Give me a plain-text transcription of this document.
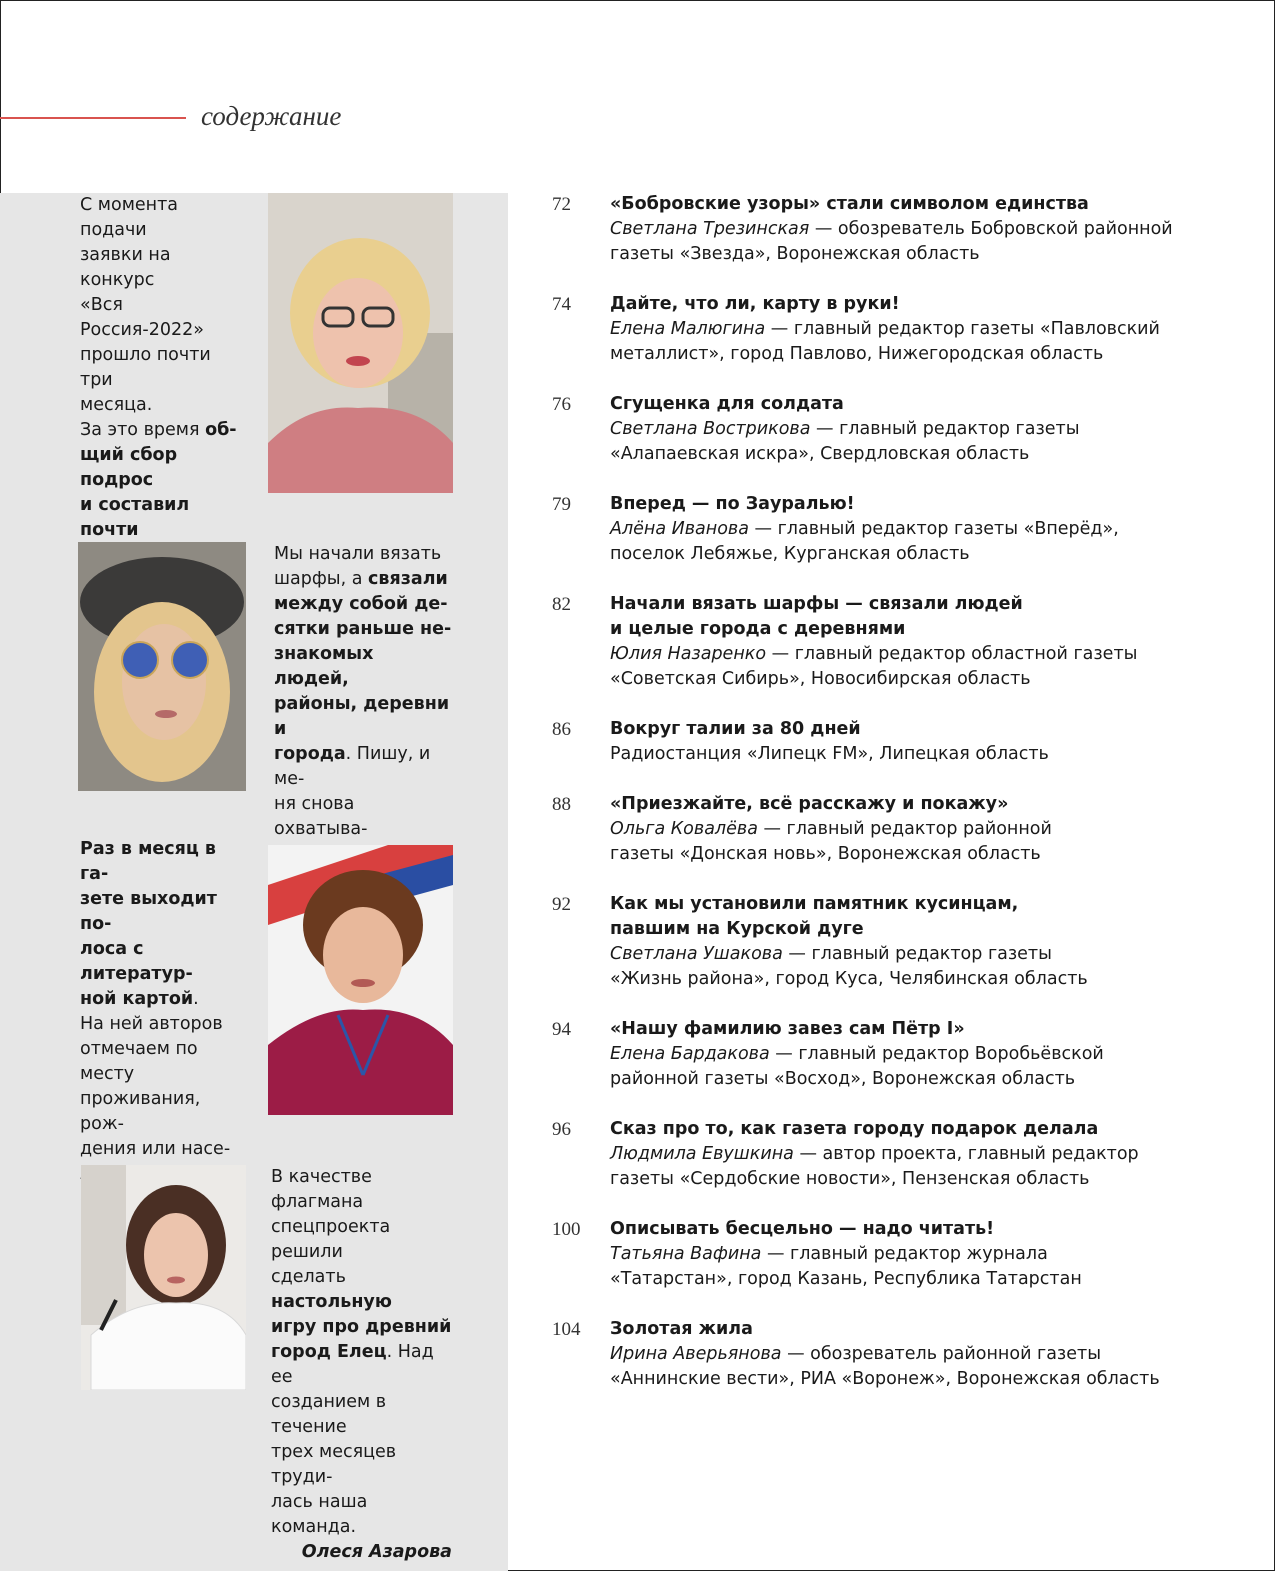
содержание
С момента подачи
заявки на конкурс
«Вся Россия-2022»
прошло почти три
месяца.
За это время об-
щий сбор подрос
и составил почти
Мы начали вязать
шарфы, а связали
между собой де-
сятки раньше не-
знакомых людей,
районы, деревни и
города. Пишу, и ме-
ня снова охватыва-
Раз в месяц в га-
зете выходит по-
лоса с литератур-
ной картой.
На ней авторов
отмечаем по месту
проживания, рож-
дения или насе-
В качестве флагмана
спецпроекта решили
сделать настольную
игру про древний
город Елец. Над ее
созданием в течение
трех месяцев труди-
лась наша команда.
Олеся Азарова
72 «Бобровские узоры» стали символом единства
Светлана Трезинская — обозреватель Бобровской районной
газеты «Звезда», Воронежская область
74 Дайте, что ли, карту в руки!
Елена Малюгина — главный редактор газеты «Павловский
металлист», город Павлово, Нижегородская область
76 Сгущенка для солдата
Светлана Вострикова — главный редактор газеты
«Алапаевская искра», Свердловская область
79 Вперед — по Зауралью!
Алёна Иванова — главный редактор газеты «Вперёд»,
поселок Лебяжье, Курганская область
82 Начали вязать шарфы — связали людей
и целые города с деревнями
Юлия Назаренко — главный редактор областной газеты
«Советская Сибирь», Новосибирская область
86 Вокруг талии за 80 дней
Радиостанция «Липецк FM», Липецкая область
88 «Приезжайте, всё расскажу и покажу»
Ольга Ковалёва — главный редактор районной
газеты «Донская новь», Воронежская область
92 Как мы установили памятник кусинцам,
павшим на Курской дуге
Светлана Ушакова — главный редактор газеты
«Жизнь района», город Куса, Челябинская область
94 «Нашу фамилию завез сам Пётр I»
Елена Бардакова — главный редактор Воробьёвской
районной газеты «Восход», Воронежская область
96 Сказ про то, как газета городу подарок делала
Людмила Евушкина — автор проекта, главный редактор
газеты «Сердобские новости», Пензенская область
100 Описывать бесцельно — надо читать!
Татьяна Вафина — главный редактор журнала
«Татарстан», город Казань, Республика Татарстан
104 Золотая жила
Ирина Аверьянова — обозреватель районной газеты
«Аннинские вести», РИА «Воронеж», Воронежская область
